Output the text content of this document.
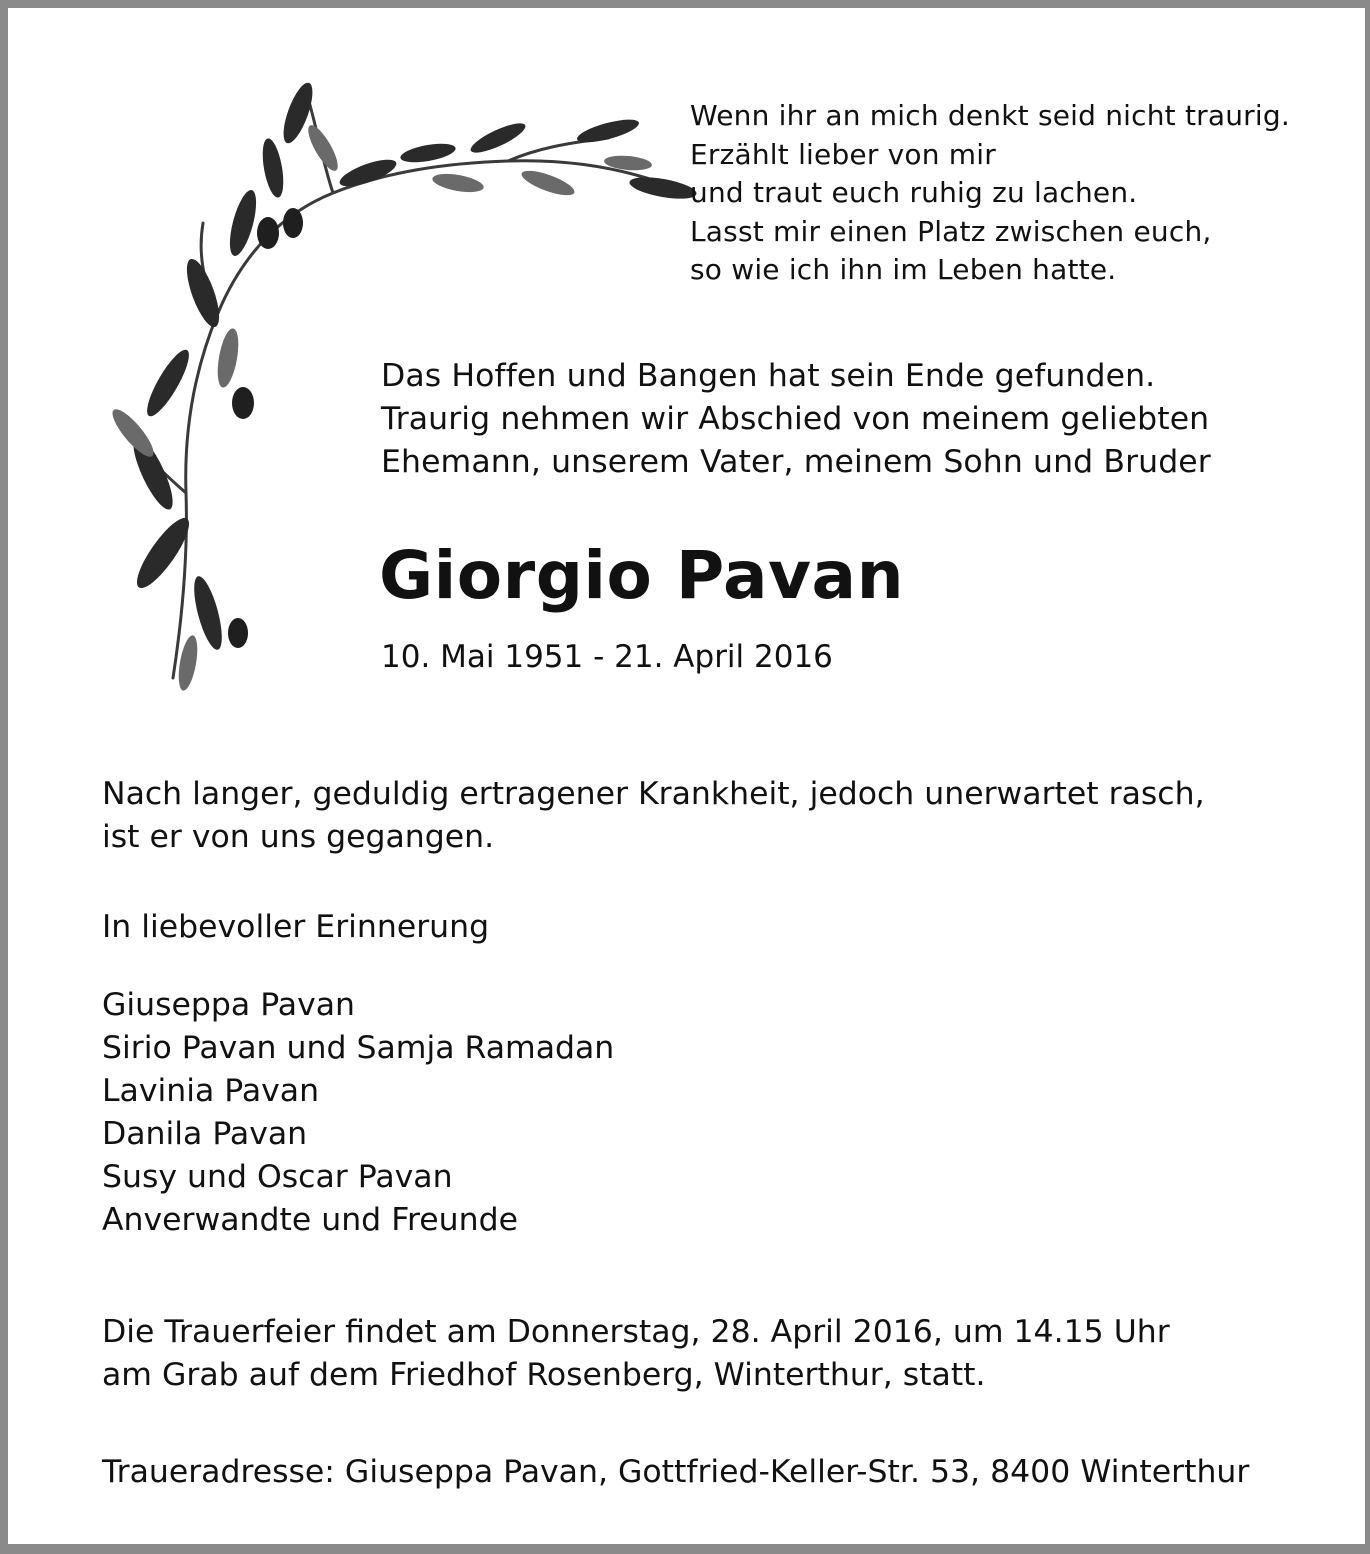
Wenn ihr an mich denkt seid nicht traurig.
Erzählt lieber von mir
und traut euch ruhig zu lachen.
Lasst mir einen Platz zwischen euch,
so wie ich ihn im Leben hatte.
Das Hoffen und Bangen hat sein Ende gefunden.
Traurig nehmen wir Abschied von meinem geliebten
Ehemann, unserem Vater, meinem Sohn und Bruder
Giorgio Pavan
10. Mai 1951 - 21. April 2016
Nach langer, geduldig ertragener Krankheit, jedoch unerwartet rasch,
ist er von uns gegangen.
In liebevoller Erinnerung
Giuseppa Pavan
Sirio Pavan und Samja Ramadan
Lavinia Pavan
Danila Pavan
Susy und Oscar Pavan
Anverwandte und Freunde
Die Trauerfeier findet am Donnerstag, 28. April 2016, um 14.15 Uhr
am Grab auf dem Friedhof Rosenberg, Winterthur, statt.
Traueradresse: Giuseppa Pavan, Gottfried-Keller-Str. 53, 8400 Winterthur
